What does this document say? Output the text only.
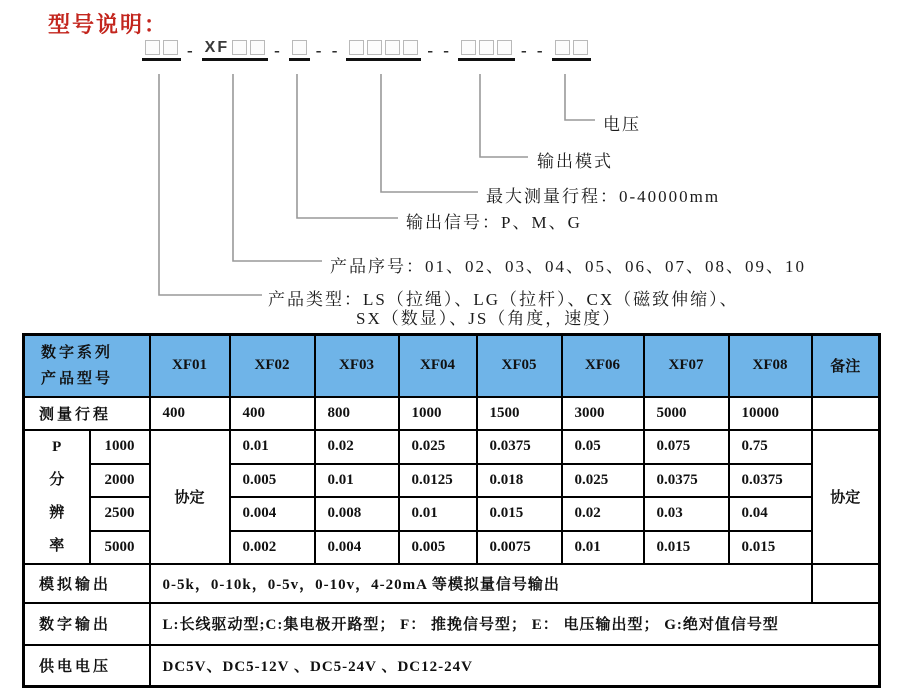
型号说明：
- XF	- - -	- -	- -
电压
输出模式
最大测量行程：0-40000mm
输出信号：P、M、G
产品序号：01、02、03、04、05、06、07、08、09、10
产品类型：LS（拉绳）、LG（拉杆）、CX（磁致伸缩）、
SX（数显）、JS（角度，速度）
数字系列
产品型号		XF01	XF02	XF03	XF04	XF05	XF06	XF07	XF08	备注
测量行程		400	400	800	1000	1500	3000	5000	10000	

P
分
辨
率	1000	协定	0.01	0.02	0.025	0.0375	0.05	0.075	0.75	协定
	2000		0.005	0.01	0.0125	0.018	0.025	0.0375	0.0375	
	2500		0.004	0.008	0.01	0.015	0.02	0.03	0.04	
	5000		0.002	0.004	0.005	0.0075	0.01	0.015	0.015	
模拟输出		0-5k，0-10k，0-5v，0-10v，4-20mA 等模拟量信号输出								
数字输出		L:长线驱动型;C:集电极开路型； F： 推挽信号型； E： 电压输出型； G:绝对值信号型								
供电电压		DC5V、DC5-12V 、DC5-24V 、DC12-24V								
